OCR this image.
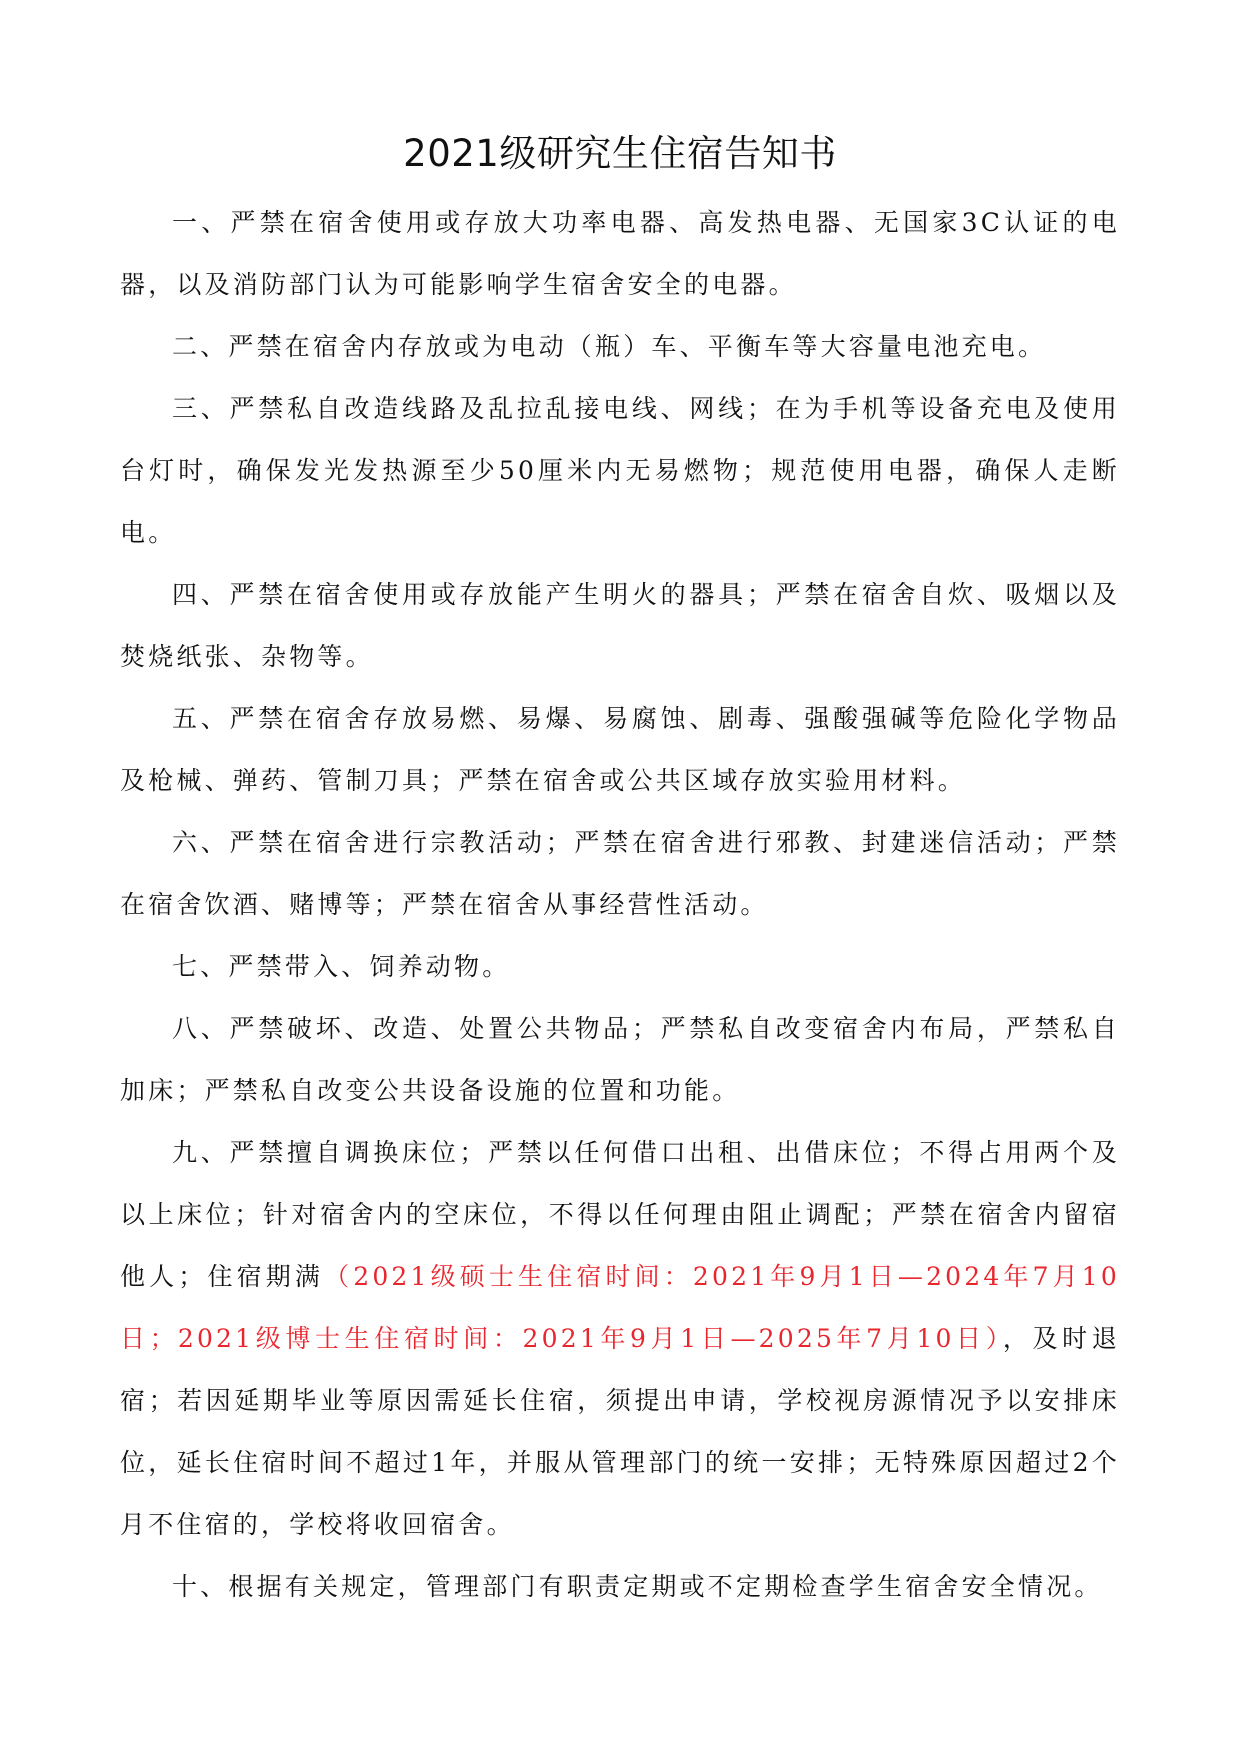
2021级研究生住宿告知书

一、严禁在宿舍使用或存放大功率电器、高发热电器、无国家3C认证的电器，以及消防部门认为可能影响学生宿舍安全的电器。

二、严禁在宿舍内存放或为电动（瓶）车、平衡车等大容量电池充电。

三、严禁私自改造线路及乱拉乱接电线、网线；在为手机等设备充电及使用台灯时，确保发光发热源至少50厘米内无易燃物；规范使用电器，确保人走断电。

四、严禁在宿舍使用或存放能产生明火的器具；严禁在宿舍自炊、吸烟以及焚烧纸张、杂物等。

五、严禁在宿舍存放易燃、易爆、易腐蚀、剧毒、强酸强碱等危险化学物品及枪械、弹药、管制刀具；严禁在宿舍或公共区域存放实验用材料。

六、严禁在宿舍进行宗教活动；严禁在宿舍进行邪教、封建迷信活动；严禁在宿舍饮酒、赌博等；严禁在宿舍从事经营性活动。

七、严禁带入、饲养动物。

八、严禁破坏、改造、处置公共物品；严禁私自改变宿舍内布局，严禁私自加床；严禁私自改变公共设备设施的位置和功能。

九、严禁擅自调换床位；严禁以任何借口出租、出借床位；不得占用两个及以上床位；针对宿舍内的空床位，不得以任何理由阻止调配；严禁在宿舍内留宿他人；住宿期满（2021级硕士生住宿时间：2021年9月1日—2024年7月10日；2021级博士生住宿时间：2021年9月1日—2025年7月10日），及时退宿；若因延期毕业等原因需延长住宿，须提出申请，学校视房源情况予以安排床位，延长住宿时间不超过1年，并服从管理部门的统一安排；无特殊原因超过2个月不住宿的，学校将收回宿舍。

十、根据有关规定，管理部门有职责定期或不定期检查学生宿舍安全情况。
